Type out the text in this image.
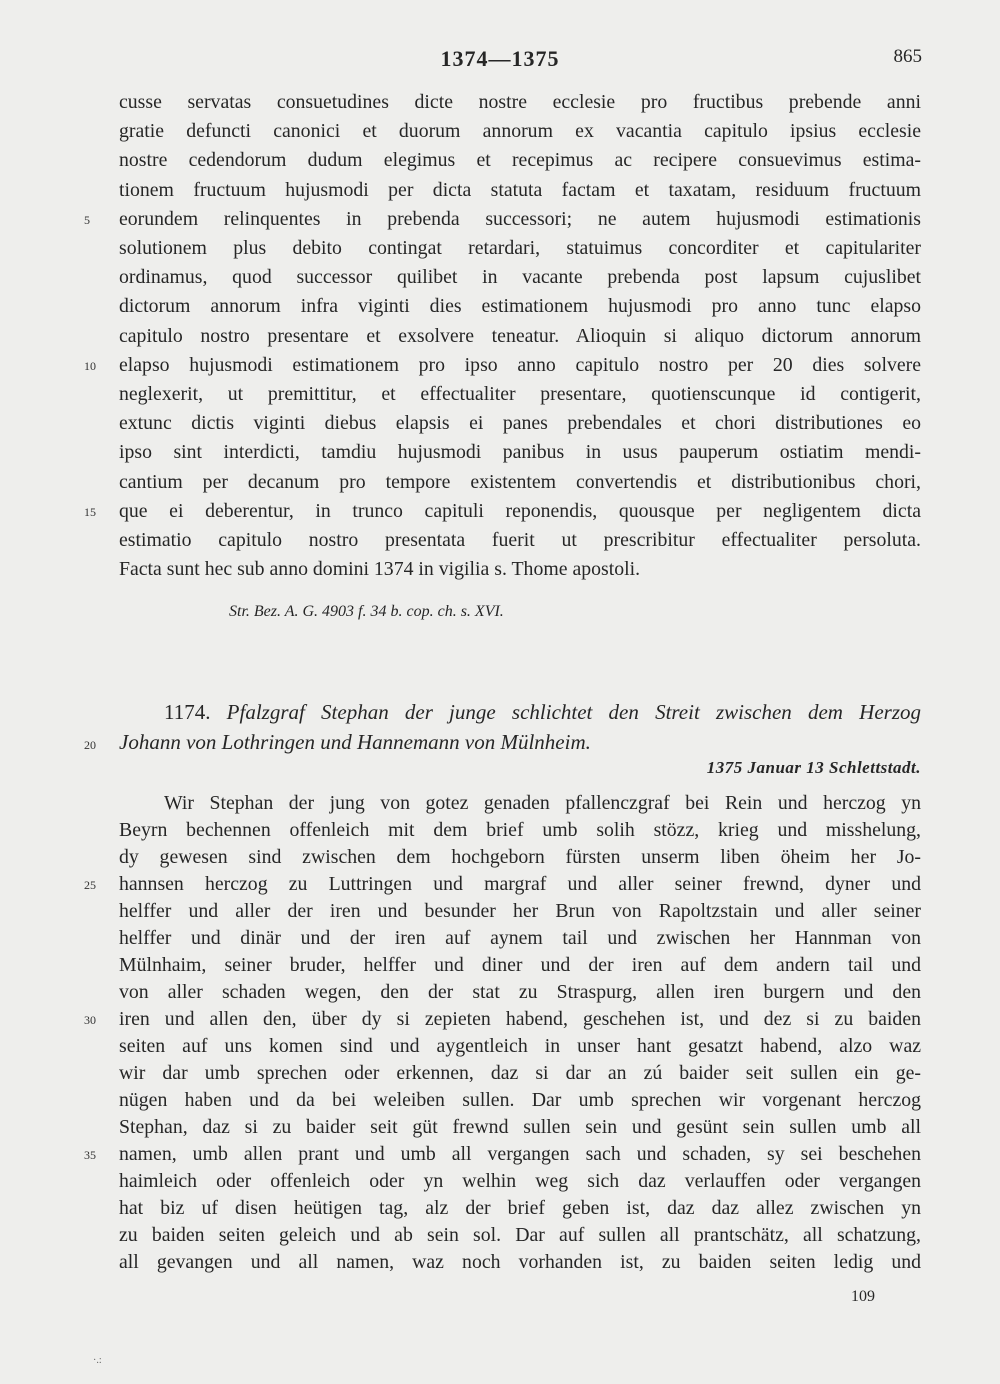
1374—1375	865
cusse servatas consuetudines dicte nostre ecclesie pro fructibus prebende anni
gratie defuncti canonici et duorum annorum ex vacantia capitulo ipsius ecclesie
nostre cedendorum dudum elegimus et recepimus ac recipere consuevimus estima-
tionem fructuum hujusmodi per dicta statuta factam et taxatam, residuum fructuum
eorundem relinquentes in prebenda successori; ne autem hujusmodi estimationis
5
solutionem plus debito contingat retardari, statuimus concorditer et capitulariter
ordinamus, quod successor quilibet in vacante prebenda post lapsum cujuslibet
dictorum annorum infra viginti dies estimationem hujusmodi pro anno tunc elapso
capitulo nostro presentare et exsolvere teneatur. Alioquin si aliquo dictorum annorum
elapso hujusmodi estimationem pro ipso anno capitulo nostro per 20 dies solvere
10
neglexerit, ut premittitur, et effectualiter presentare, quotienscunque id contigerit,
extunc dictis viginti diebus elapsis ei panes prebendales et chori distributiones eo
ipso sint interdicti, tamdiu hujusmodi panibus in usus pauperum ostiatim mendi-
cantium per decanum pro tempore existentem convertendis et distributionibus chori,
que ei deberentur, in trunco capituli reponendis, quousque per negligentem dicta
15
estimatio capitulo nostro presentata fuerit ut prescribitur effectualiter persoluta.
Facta sunt hec sub anno domini 1374 in vigilia s. Thome apostoli.
Str. Bez. A. G. 4903 f. 34 b. cop. ch. s. XVI.
1174. Pfalzgraf Stephan der junge schlichtet den Streit zwischen dem Herzog
20 Johann von Lothringen und Hannemann von Mülnheim.
1375 Januar 13 Schlettstadt.
Wir Stephan der jung von gotez genaden pfallenczgraf bei Rein und herczog yn
Beyrn bechennen offenleich mit dem brief umb solih stözz, krieg und misshelung,
dy gewesen sind zwischen dem hochgeborn fürsten unserm liben öheim her Jo-
hannsen herczog zu Luttringen und margraf und aller seiner frewnd, dyner und
25
helffer und aller der iren und besunder her Brun von Rapoltzstain und aller seiner
helffer und dinär und der iren auf aynem tail und zwischen her Hannman von
Mülnhaim, seiner bruder, helffer und diner und der iren auf dem andern tail und
von aller schaden wegen, den der stat zu Straspurg, allen iren burgern und den
iren und allen den, über dy si zepieten habend, geschehen ist, und dez si zu baiden
30
seiten auf uns komen sind und aygentleich in unser hant gesatzt habend, alzo waz
wir dar umb sprechen oder erkennen, daz si dar an zú baider seit sullen ein ge-
nügen haben und da bei weleiben sullen. Dar umb sprechen wir vorgenant herczog
Stephan, daz si zu baider seit güt frewnd sullen sein und gesünt sein sullen umb all
namen, umb allen prant und umb all vergangen sach und schaden, sy sei beschehen
35
haimleich oder offenleich oder yn welhin weg sich daz verlauffen oder vergangen
hat biz uf disen heütigen tag, alz der brief geben ist, daz daz allez zwischen yn
zu baiden seiten geleich und ab sein sol. Dar auf sullen all prantschätz, all schatzung,
all gevangen und all namen, waz noch vorhanden ist, zu baiden seiten ledig und
109
·.:
